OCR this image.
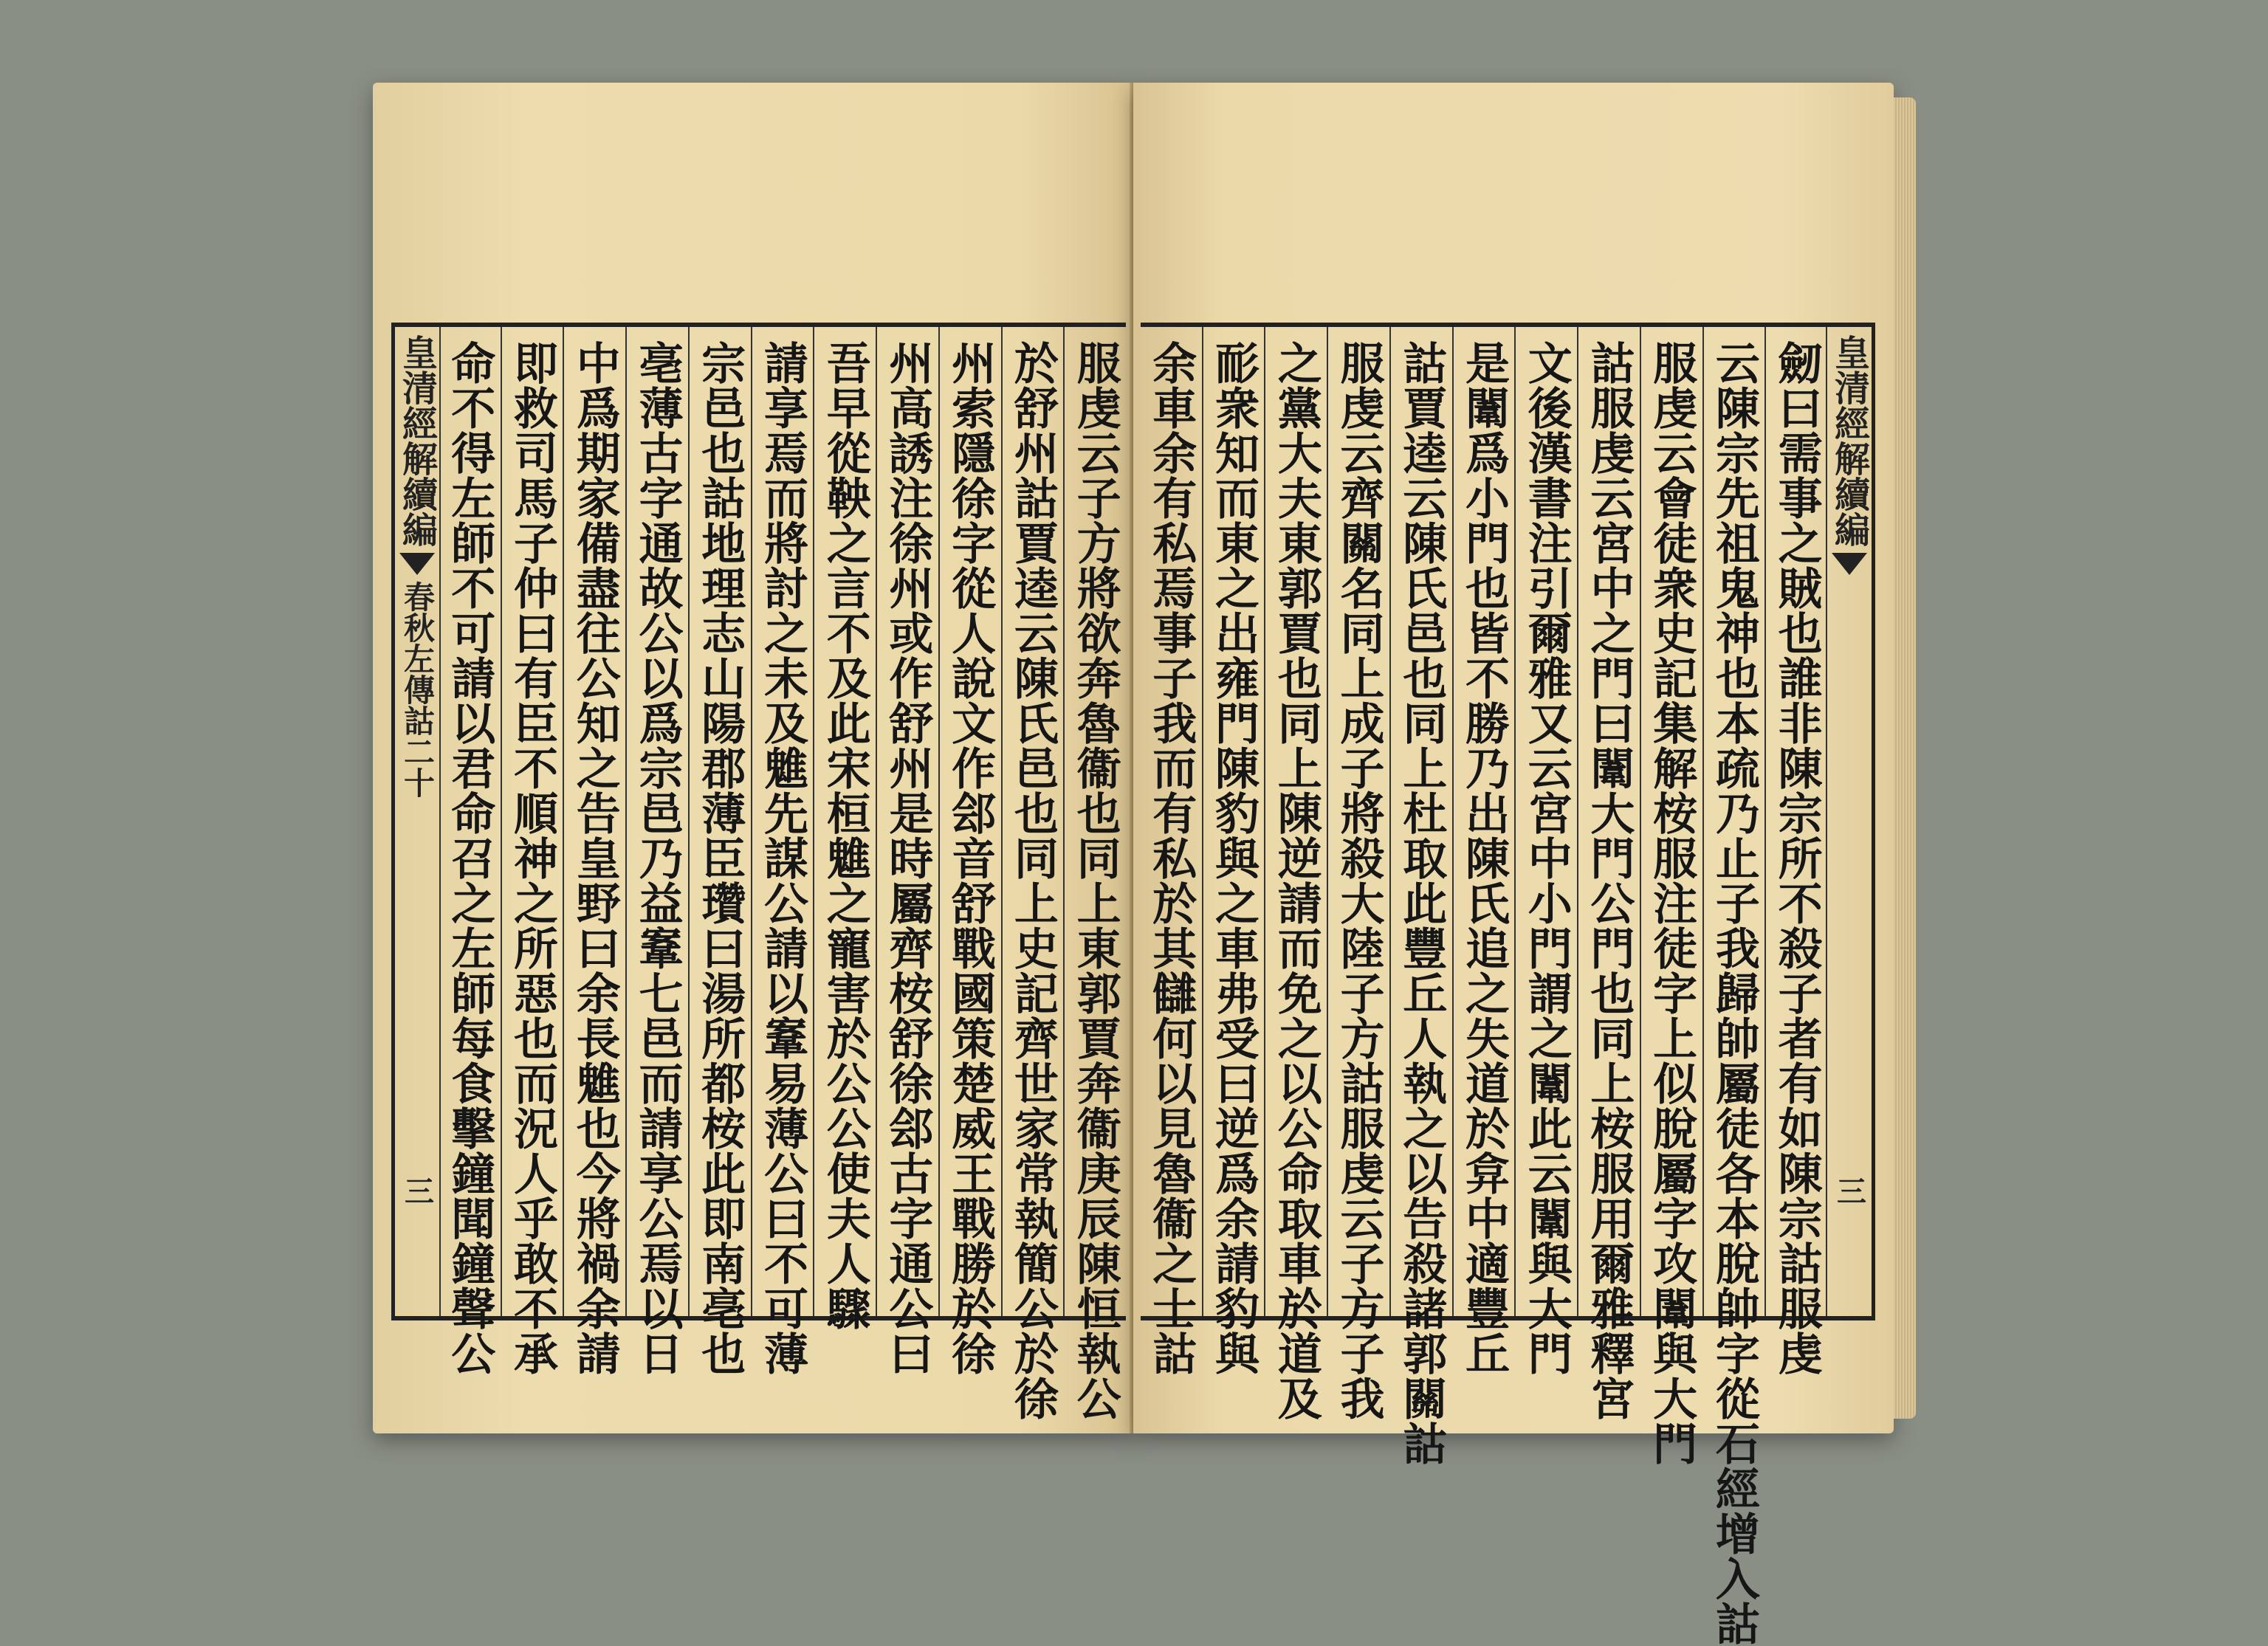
皇清經解續編
春秋左傳詁二十
三	服虔云子方將欲奔魯衞也同上東郭賈奔衞庚辰陳恒執公
於舒州詁賈逵云陳氏邑也同上史記齊世家常執簡公於徐
州索隱徐字從人說文作郐音舒戰國策楚威王戰勝於徐
州高誘注徐州或作舒州是時屬齊桉舒徐郐古字通公曰
吾早從鞅之言不及此宋桓魋之寵害於公公使夫人驟
請享焉而將討之未及魋先謀公請以鞌易薄公曰不可薄
宗邑也詁地理志山陽郡薄臣瓚曰湯所都桉此即南亳也
亳薄古字通故公以爲宗邑乃益鞌七邑而請享公焉以日
中爲期家備盡往公知之告皇野曰余長魋也今將禍余請
即救司馬子仲曰有臣不順神之所惡也而況人乎敢不承
命不得左師不可請以君命召之左師每食擊鐘聞鐘聲公	劒曰需事之賊也誰非陳宗所不殺子者有如陳宗詁服虔
云陳宗先祖鬼神也本疏乃止子我歸帥屬徒各本脫帥字從石經增入詁
服虔云會徒衆史記集解桉服注徒字上似脫屬字攻闈與大門
詁服虔云宮中之門曰闈大門公門也同上桉服用爾雅釋宮
文後漢書注引爾雅又云宮中小門謂之闈此云闈與大門
是闈爲小門也皆不勝乃出陳氏追之失道於弇中適豐丘
詁賈逵云陳氏邑也同上杜取此豐丘人執之以告殺諸郭關詁
服虔云齊關名同上成子將殺大陸子方詁服虔云子方子我
之黨大夫東郭賈也同上陳逆請而免之以公命取車於道及
耏衆知而東之出雍門陳豹與之車弗受曰逆爲余請豹與
余車余有私焉事子我而有私於其讎何以見魯衞之士詁	皇清經解續編
三
